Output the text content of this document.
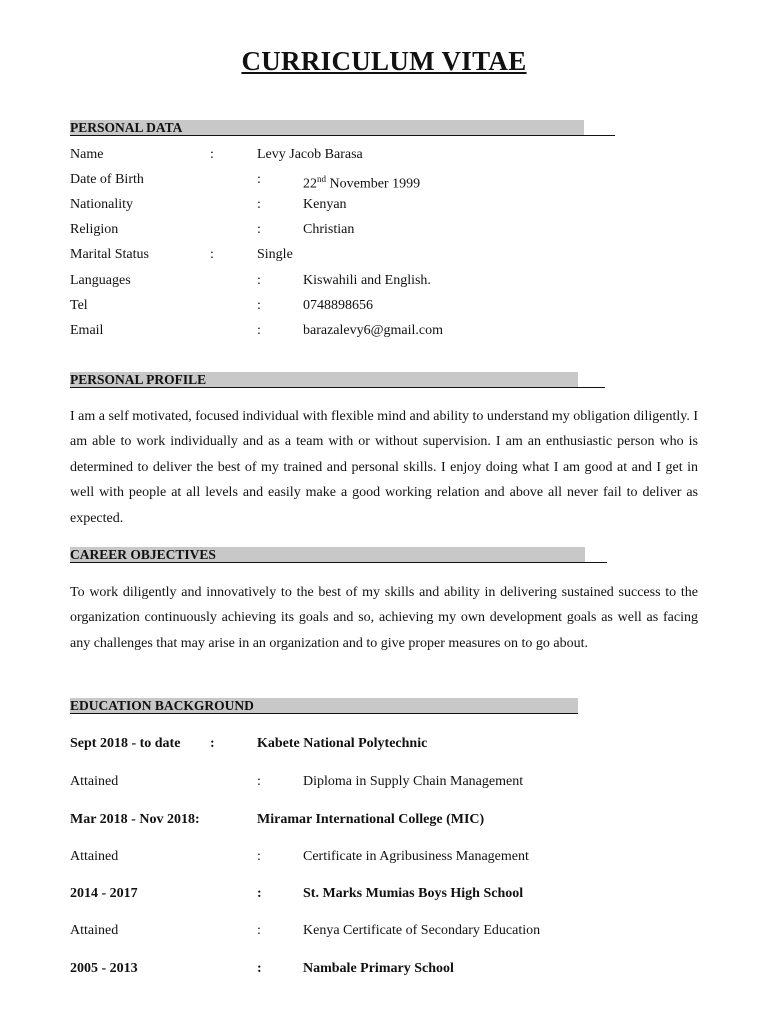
CURRICULUM VITAE
PERSONAL DATA
Name	:	Levy Jacob Barasa
Date of Birth	:	22nd November 1999
Nationality	:	Kenyan
Religion	:	Christian
Marital Status	:	Single
Languages	:	Kiswahili and English.
Tel	:	0748898656
Email	:	barazalevy6@gmail.com
PERSONAL PROFILE
I am a self motivated, focused individual with flexible mind and ability to understand my obligation diligently. I am able to work individually and as a team with or without supervision. I am an enthusiastic person who is determined to deliver the best of my trained and personal skills. I enjoy doing what I am good at and I get in well with people at all levels and easily make a good working relation and above all never fail to deliver as expected.
CAREER OBJECTIVES
To work diligently and innovatively to the best of my skills and ability in delivering sustained success to the organization continuously achieving its goals and so, achieving my own development goals as well as facing any challenges that may arise in an organization and to give proper measures on to go about.
EDUCATION BACKGROUND
Sept 2018 - to date :	Kabete National Polytechnic
Attained	:	Diploma in Supply Chain Management
Mar 2018 - Nov 2018:	Miramar International College (MIC)
Attained	:	Certificate in Agribusiness Management
2014 - 2017	:	St. Marks Mumias Boys High School
Attained	:	Kenya Certificate of Secondary Education
2005 - 2013	:	Nambale Primary School
